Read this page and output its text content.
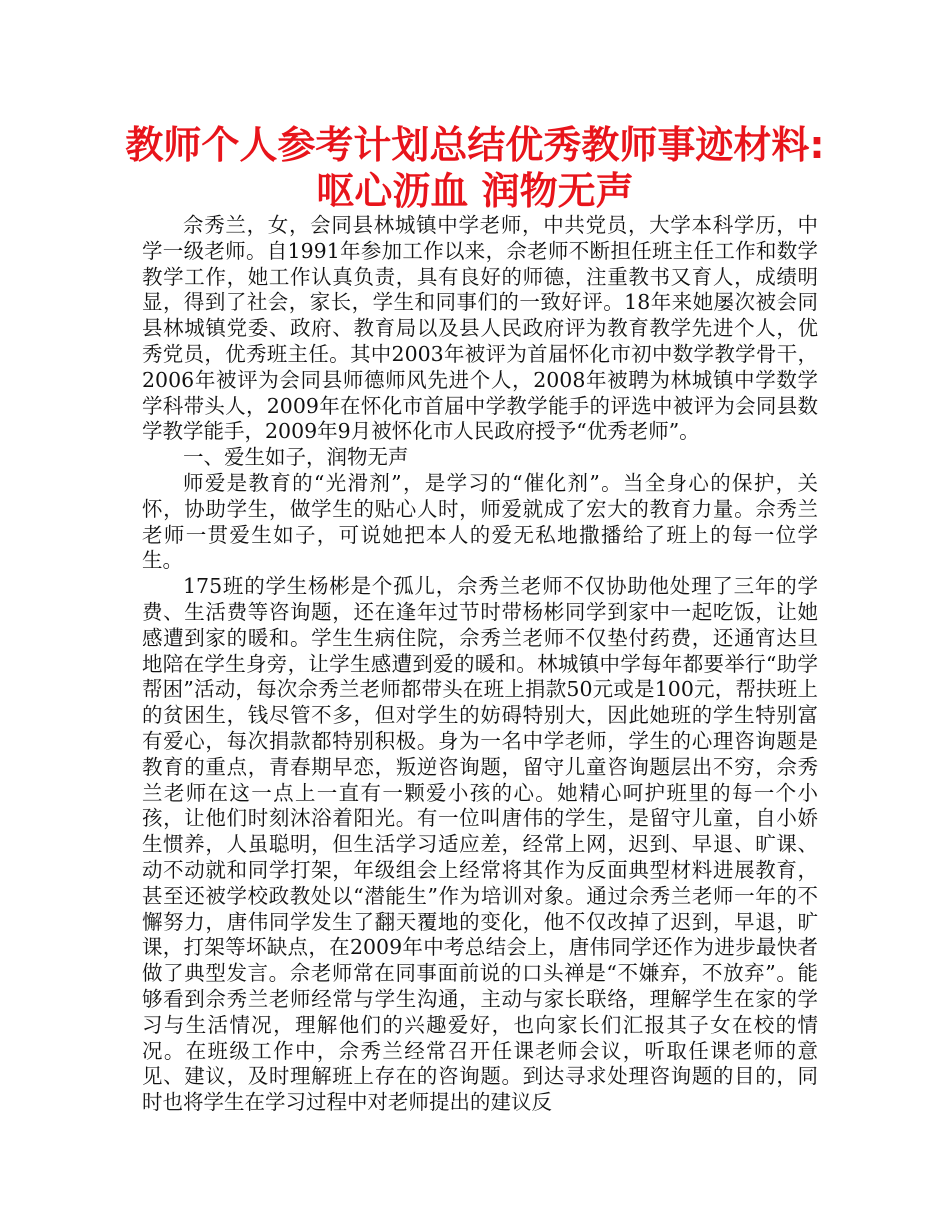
教师个人参考计划总结优秀教师事迹材料:
呕心沥血 润物无声

佘秀兰，女，会同县林城镇中学老师，中共党员，大学本科学历，中学一级老师。自1991年参加工作以来，佘老师不断担任班主任工作和数学教学工作，她工作认真负责，具有良好的师德，注重教书又育人，成绩明显，得到了社会，家长，学生和同事们的一致好评。18年来她屡次被会同县林城镇党委、政府、教育局以及县人民政府评为教育教学先进个人，优秀党员，优秀班主任。其中2003年被评为首届怀化市初中数学教学骨干，2006年被评为会同县师德师风先进个人，2008年被聘为林城镇中学数学学科带头人，2009年在怀化市首届中学教学能手的评选中被评为会同县数学教学能手，2009年9月被怀化市人民政府授予“优秀老师”。

一、爱生如子，润物无声

师爱是教育的“光滑剂”，是学习的“催化剂”。当全身心的保护，关怀，协助学生，做学生的贴心人时，师爱就成了宏大的教育力量。佘秀兰老师一贯爱生如子，可说她把本人的爱无私地撒播给了班上的每一位学生。

175班的学生杨彬是个孤儿，佘秀兰老师不仅协助他处理了三年的学费、生活费等咨询题，还在逢年过节时带杨彬同学到家中一起吃饭，让她感遭到家的暖和。学生生病住院，佘秀兰老师不仅垫付药费，还通宵达旦地陪在学生身旁，让学生感遭到爱的暖和。林城镇中学每年都要举行“助学帮困”活动，每次佘秀兰老师都带头在班上捐款50元或是100元，帮扶班上的贫困生，钱尽管不多，但对学生的妨碍特别大，因此她班的学生特别富有爱心，每次捐款都特别积极。身为一名中学老师，学生的心理咨询题是教育的重点，青春期早恋，叛逆咨询题，留守儿童咨询题层出不穷，佘秀兰老师在这一点上一直有一颗爱小孩的心。她精心呵护班里的每一个小孩，让他们时刻沐浴着阳光。有一位叫唐伟的学生，是留守儿童，自小娇生惯养，人虽聪明，但生活学习适应差，经常上网，迟到、早退、旷课、动不动就和同学打架，年级组会上经常将其作为反面典型材料进展教育，甚至还被学校政教处以“潜能生”作为培训对象。通过佘秀兰老师一年的不懈努力，唐伟同学发生了翻天覆地的变化，他不仅改掉了迟到，早退，旷课，打架等坏缺点，在2009年中考总结会上，唐伟同学还作为进步最快者做了典型发言。佘老师常在同事面前说的口头禅是“不嫌弃，不放弃”。能够看到佘秀兰老师经常与学生沟通，主动与家长联络，理解学生在家的学习与生活情况，理解他们的兴趣爱好，也向家长们汇报其子女在校的情况。在班级工作中，佘秀兰经常召开任课老师会议，听取任课老师的意见、建议，及时理解班上存在的咨询题。到达寻求处理咨询题的目的，同时也将学生在学习过程中对老师提出的建议反
